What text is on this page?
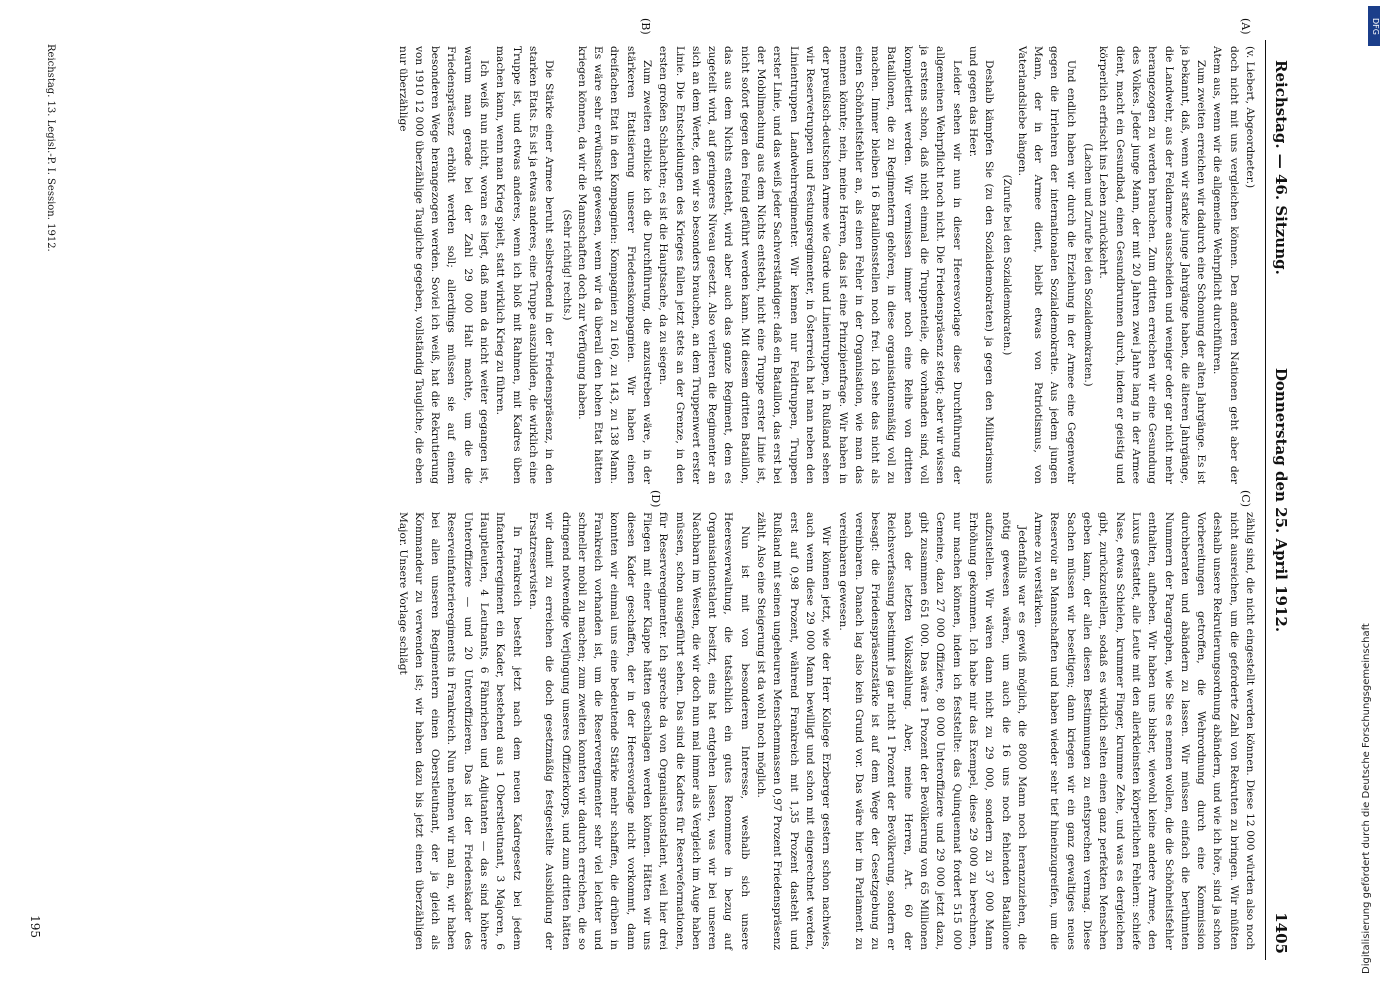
Reichstag. — 46. Sitzung.
Donnerstag den 25. April 1912.
1405
(A)
(B)
(C)
(D)

(v. Liebert, Abgeordneter.)

doch nicht mit uns vergleichen können. Den anderen Nationen geht aber der Atem aus, wenn wir die allgemeine Wehrpflicht durchführen.

Zum zweiten erreichen wir dadurch eine Schonung der alten Jahrgänge. Es ist ja bekannt, daß, wenn wir starke junge Jahrgänge haben, die älteren Jahrgänge, die Landwehr, aus der Feldarmee ausscheiden und weniger oder gar nicht mehr herangezogen zu werden brauchen. Zum dritten erreichen wir eine Gesundung des Volkes. Jeder junge Mann, der mit 20 Jahren zwei Jahre lang in der Armee dient, macht ein Gesundbad, einen Gesundbrunnen durch, indem er geistig und körperlich erfrischt ins Leben zurückkehrt.

(Lachen und Zurufe bei den Sozialdemokraten.)

Und endlich haben wir durch die Erziehung in der Armee eine Gegenwehr gegen die Irrlehren der internationalen Sozialdemokratie. Aus jedem jungen Mann, der in der Armee dient, bleibt etwas von Patriotismus, von Vaterlandsliebe hängen.

(Zurufe bei den Sozialdemokraten.)

Deshalb kämpfen Sie (zu den Sozialdemokraten) ja gegen den Militarismus und gegen das Heer.

Leider sehen wir nun in dieser Heeresvorlage diese Durchführung der allgemeinen Wehrpflicht noch nicht. Die Friedenspräsenz steigt; aber wir wissen ja erstens schon, daß nicht einmal die Truppenteile, die vorhanden sind, voll komplettiert werden. Wir vermissen immer noch eine Reihe von dritten Bataillonen, die zu Regimentern gehören, in diese organisationsmäßig voll zu machen. Immer bleiben 16 Bataillonsstellen noch frei. Ich sehe das nicht als einen Schönheitsfehler an, als einen Fehler in der Organisation, wie man das nennen könnte; nein, meine Herren, das ist eine Prinzipienfrage. Wir haben in der preußisch-deutschen Armee wie Garde und Linientruppen, in Rußland sehen wir Reservetruppen und Festungsregimenter, in Österreich hat man neben den Linientruppen Landwehrregimenter. Wir kennen nur Feldtruppen, Truppen erster Linie, und das weiß jeder Sachverständiger: daß ein Bataillon, das erst bei der Mobilmachung aus dem Nichts entsteht, nicht eine Truppe erster Linie ist, nicht sofort gegen den Feind geführt werden kann. Mit diesem dritten Bataillon, das aus dem Nichts entsteht, wird aber auch das ganze Regiment, dem es zugeteilt wird, auf geringeres Niveau gesetzt. Also verlieren die Regimenter an sich an dem Werte, den wir so besonders brauchen, an dem Truppenwert erster Linie. Die Entscheidungen des Krieges fallen jetzt stets an der Grenze, in den ersten großen Schlachten; es ist die Hauptsache, da zu siegen.

Zum zweiten erblicke ich die Durchführung, die anzustreben wäre, in der stärkeren Etatisierung unserer Friedenskompagnien. Wir haben einen dreifachen Etat in den Kompagnien: Kompagnien zu 160, zu 143, zu 138 Mann. Es wäre sehr erwünscht gewesen, wenn wir da überall den hohen Etat hätten kriegen können, da wir die Mannschaften doch zur Verfügung haben.

(Sehr richtig! rechts.)

Die Stärke einer Armee beruht selbstredend in der Friedenspräsenz, in den starken Etats. Es ist ja etwas anderes, eine Truppe auszubilden, die wirklich eine Truppe ist, und etwas anderes, wenn ich bloß mit Rahmen, mit Kadres üben machen kann, wenn man Krieg spielt, statt wirklich Krieg zu führen.

Ich weiß nun nicht, woran es liegt, daß man da nicht weiter gegangen ist, warum man gerade bei der Zahl 29 000 Halt machte, um die die Friedenspräsenz erhöht werden soll; allerdings müssen sie auf einem besonderen Wege herangezogen werden. Soviel ich weiß, hat die Rekrutierung von 1910 12 000 überzählige Taugliche gegeben, vollständig Taugliche, die eben nur überzählige

zählig sind, die nicht eingestellt werden können. Diese 12 000 würden also noch nicht ausreichen, um die geforderte Zahl von Rekruten zu bringen. Wir müßten deshalb unsere Rekrutierungsordnung abändern, und wie ich höre, sind ja schon Vorbereitungen getroffen, die Wehrordnung durch eine Kommission durchberaten und abändern zu lassen. Wir müssen einfach die berühmten Nummern der Paragraphen, wie Sie es nennen wollen, die die Schönheitsfehler enthalten, aufheben. Wir haben uns bisher, wiewohl keine andere Armee, den Luxus gestattet, alle Leute mit den allerkleinsten körperlichen Fehlern: schiefe Nase, etwas Schielen, krummer Finger, krumme Zehe, und was es dergleichen gibt, zurückzustellen, sodaß es wirklich selten einen ganz perfekten Menschen geben kann, der allen diesen Bestimmungen zu entsprechen vermag. Diese Sachen müssen wir beseitigen; dann kriegen wir ein ganz gewaltiges neues Reservoir an Mannschaften und haben wieder sehr tief hineinzugreifen, um die Armee zu verstärken.

Jedenfalls war es gewiß möglich, die 8000 Mann noch heranzuziehen, die nötig gewesen wären, um auch die 16 uns noch fehlenden Bataillone aufzustellen. Wir wären dann nicht zu 29 000, sondern zu 37 000 Mann Erhöhung gekommen. Ich habe mir das Exempel, diese 29 000 zu berechnen, nur machen können, indem ich feststellte: das Quinquennat fordert 515 000 Gemeine, dazu 27 000 Offiziere, 80 000 Unteroffiziere und 29 000 jetzt dazu, gibt zusammen 651 000. Das wäre 1 Prozent der Bevölkerung von 65 Millionen nach der letzten Volkszählung. Aber, meine Herren, Art. 60 der Reichsverfassung bestimmt ja gar nicht 1 Prozent der Bevölkerung, sondern er besagt: die Friedenspräsenzstärke ist auf dem Wege der Gesetzgebung zu vereinbaren. Danach lag also kein Grund vor. Das wäre hier im Parlament zu vereinbaren gewesen.

Wir können jetzt, wie der Herr Kollege Erzberger gestern schon nachwies, auch wenn diese 29 000 Mann bewilligt und schon mit eingerechnet werden, erst auf 0,98 Prozent, während Frankreich mit 1,35 Prozent dasteht und Rußland mit seinen ungeheuren Menschenmassen 0,97 Prozent Friedenspräsenz zählt. Also eine Steigerung ist da wohl noch möglich.

Nun ist mit von besonderem Interesse, weshalb sich unsere Heeresverwaltung, die tatsächlich ein gutes Renommee in bezug auf Organisationstalent besitzt, eins hat entgehen lassen, was wir bei unseren Nachbarn im Westen, die wir doch nun mal immer als Vergleich im Auge haben müssen, schon ausgeführt sehen. Das sind die Kadres für Reserveformationen, für Reserveregimenter. Ich spreche da von Organisationstalent, weil hier drei Fliegen mit einer Klappe hätten geschlagen werden können. Hätten wir uns diesen Kader geschaffen, der in der Heeresvorlage nicht vorkommt, dann konnten wir einmal uns eine bedeutende Stärke mehr schaffen, die drüben in Frankreich vorhanden ist, um die Reserveregimenter sehr viel leichter und schneller mobil zu machen; zum zweiten konnten wir dadurch erreichen, die so dringend notwendige Verjüngung unseres Offizierkorps, und zum dritten hätten wir damit zu erreichen die doch gesetzmäßig festgestellte Ausbildung der Ersatzreservisten.

In Frankreich besteht jetzt nach dem neuen Kadregesetz bei jedem Infanterieregiment ein Kader, bestehend aus 1 Oberstleutnant, 3 Majoren, 6 Hauptleuten, 4 Leutnants, 6 Fähnrichen und Adjutanten — das sind höhere Unteroffiziere — und 20 Unteroffizieren. Das ist der Friedenskader des Reserveinfanterieregiments in Frankreich. Nun nehmen wir mal an, wir haben bei allen unseren Regimentern einen Oberstleutnant, der ja gleich als Kommandeur zu verwenden ist; wir haben dazu bis jetzt einen überzähligen Major. Unsere Vorlage schlägt

Reichstag. 13. Legisl.-P. I. Session. 1912.
195	Digitalisierung gefördert durch die Deutsche Forschungsgemeinschaft
DFG
